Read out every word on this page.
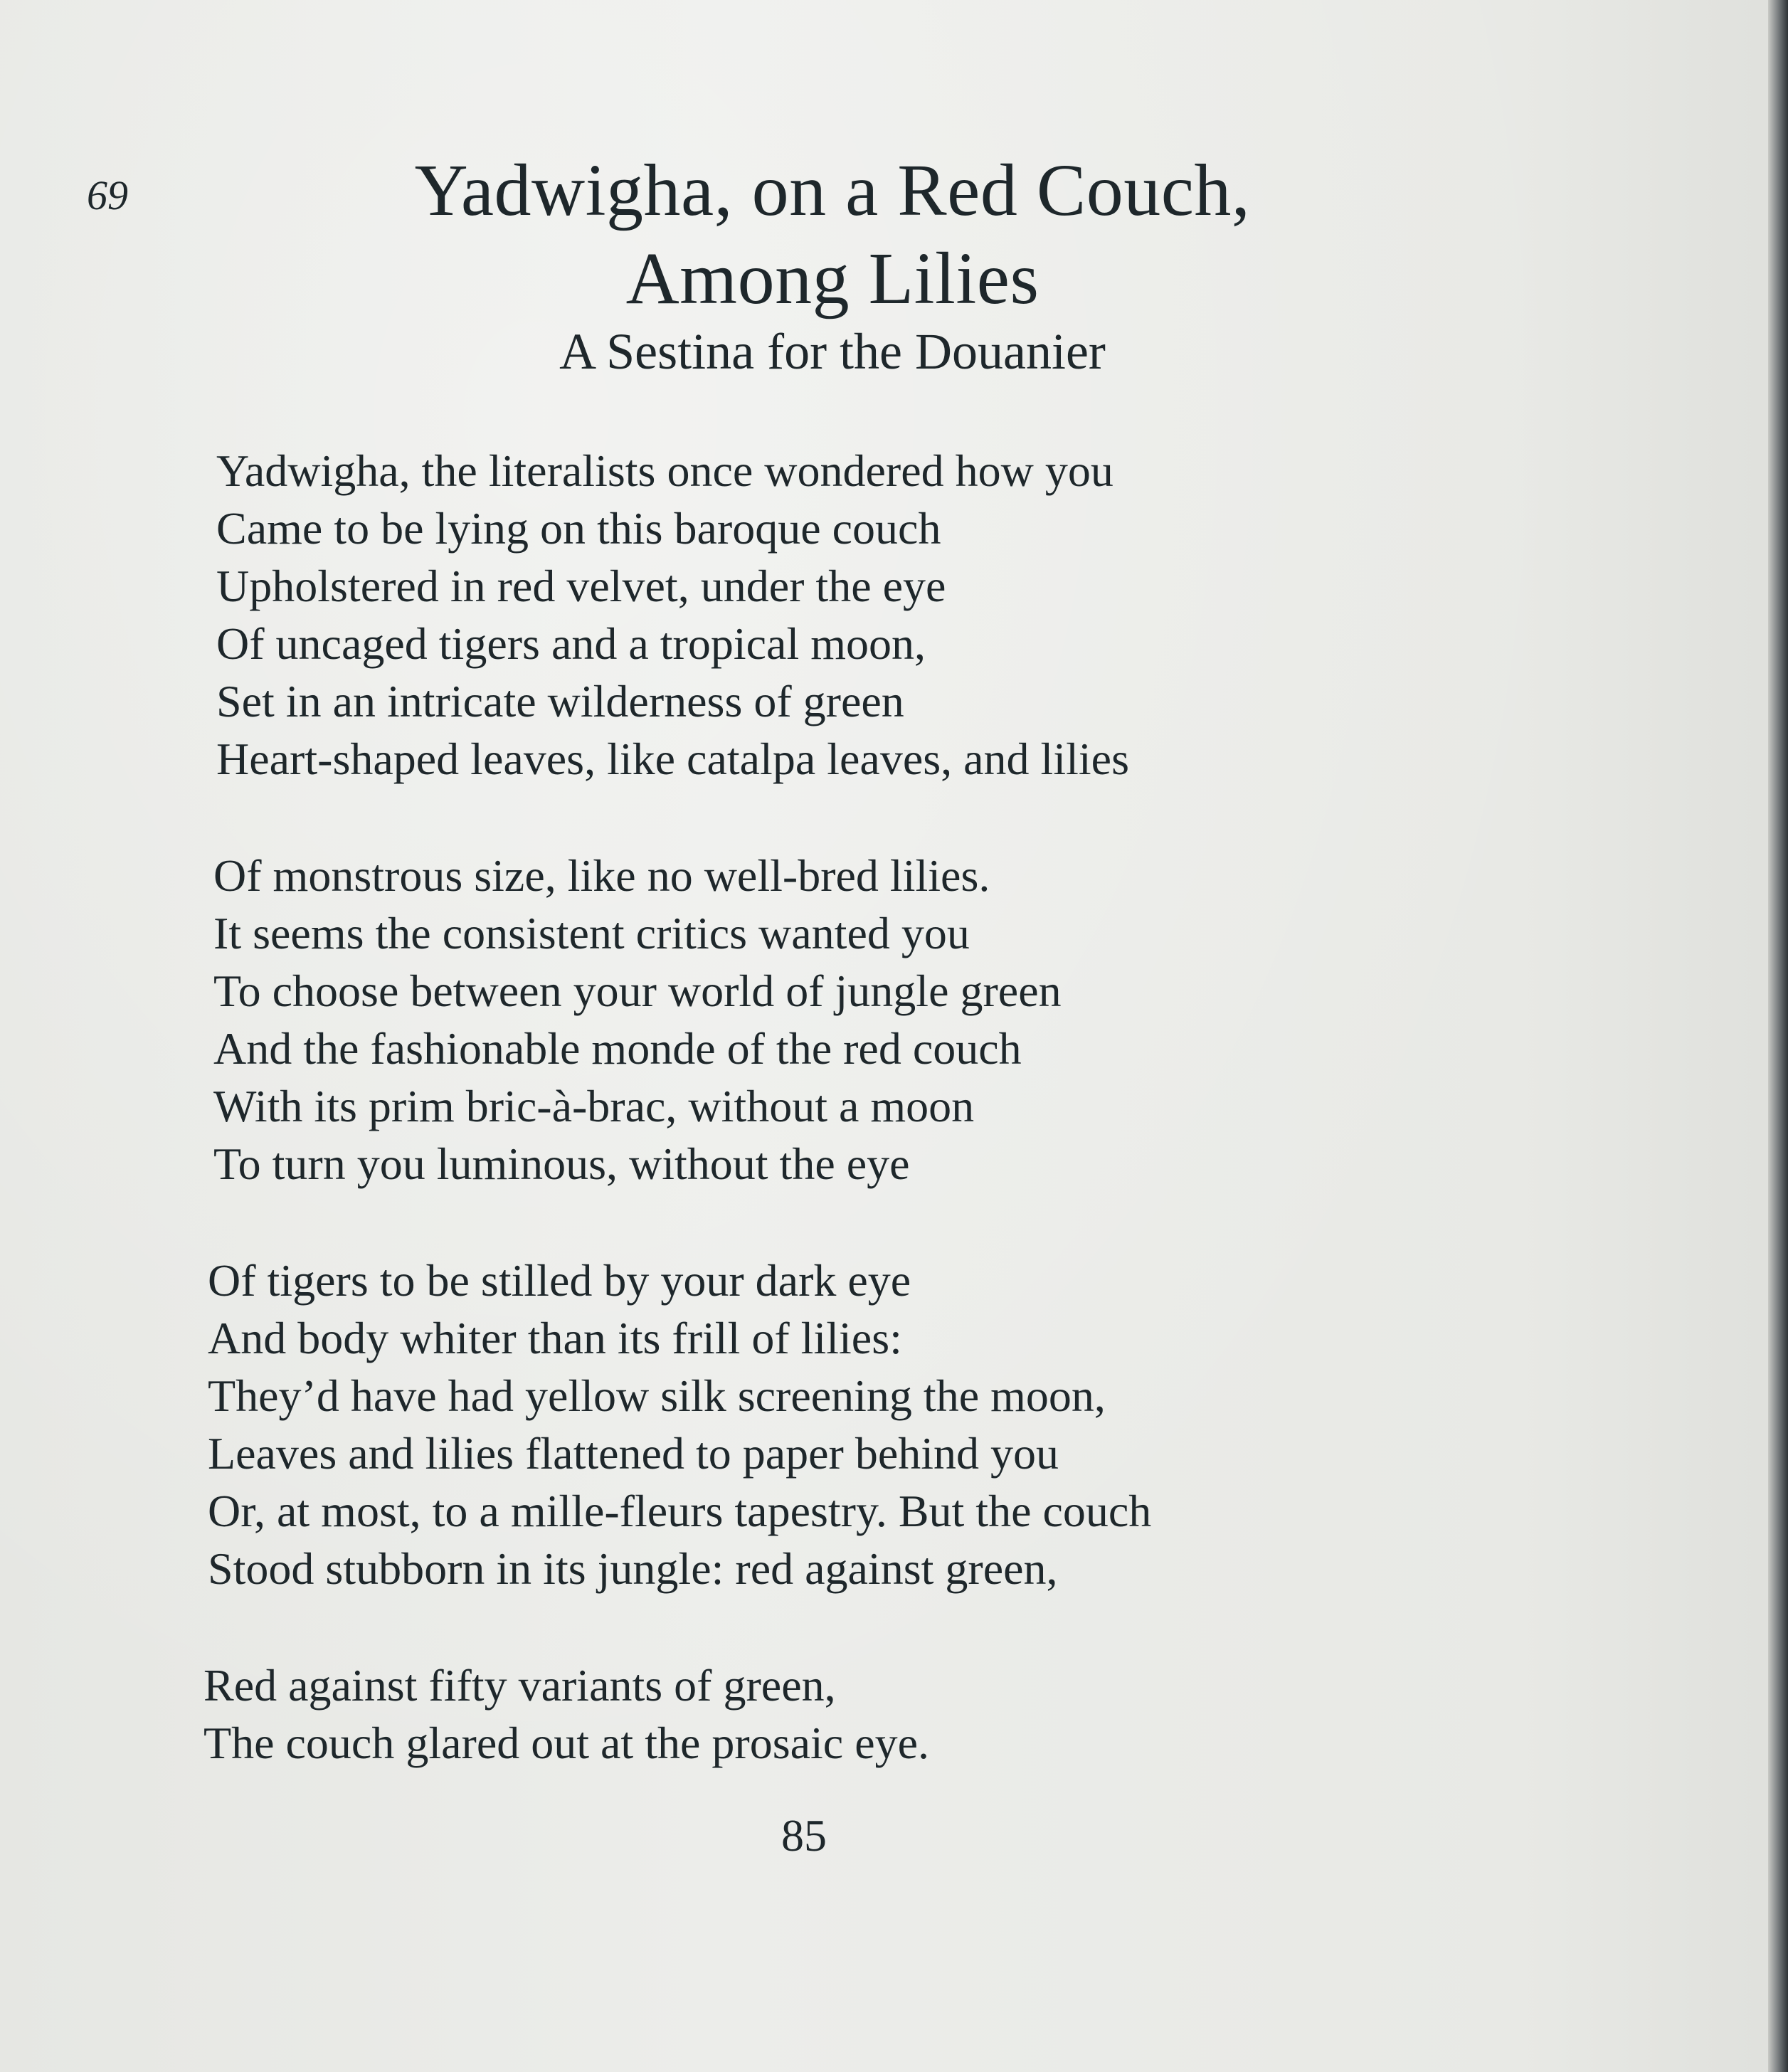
69	Yadwigha, on a Red Couch,
Among Lilies
A Sestina for the Douanier
Yadwigha, the literalists once wondered how you
Came to be lying on this baroque couch
Upholstered in red velvet, under the eye
Of uncaged tigers and a tropical moon,
Set in an intricate wilderness of green
Heart-shaped leaves, like catalpa leaves, and lilies
Of monstrous size, like no well-bred lilies.
It seems the consistent critics wanted you
To choose between your world of jungle green
And the fashionable monde of the red couch
With its prim bric-à-brac, without a moon
To turn you luminous, without the eye
Of tigers to be stilled by your dark eye
And body whiter than its frill of lilies:
They’d have had yellow silk screening the moon,
Leaves and lilies flattened to paper behind you
Or, at most, to a mille-fleurs tapestry. But the couch
Stood stubborn in its jungle: red against green,
Red against fifty variants of green,
The couch glared out at the prosaic eye.
85
